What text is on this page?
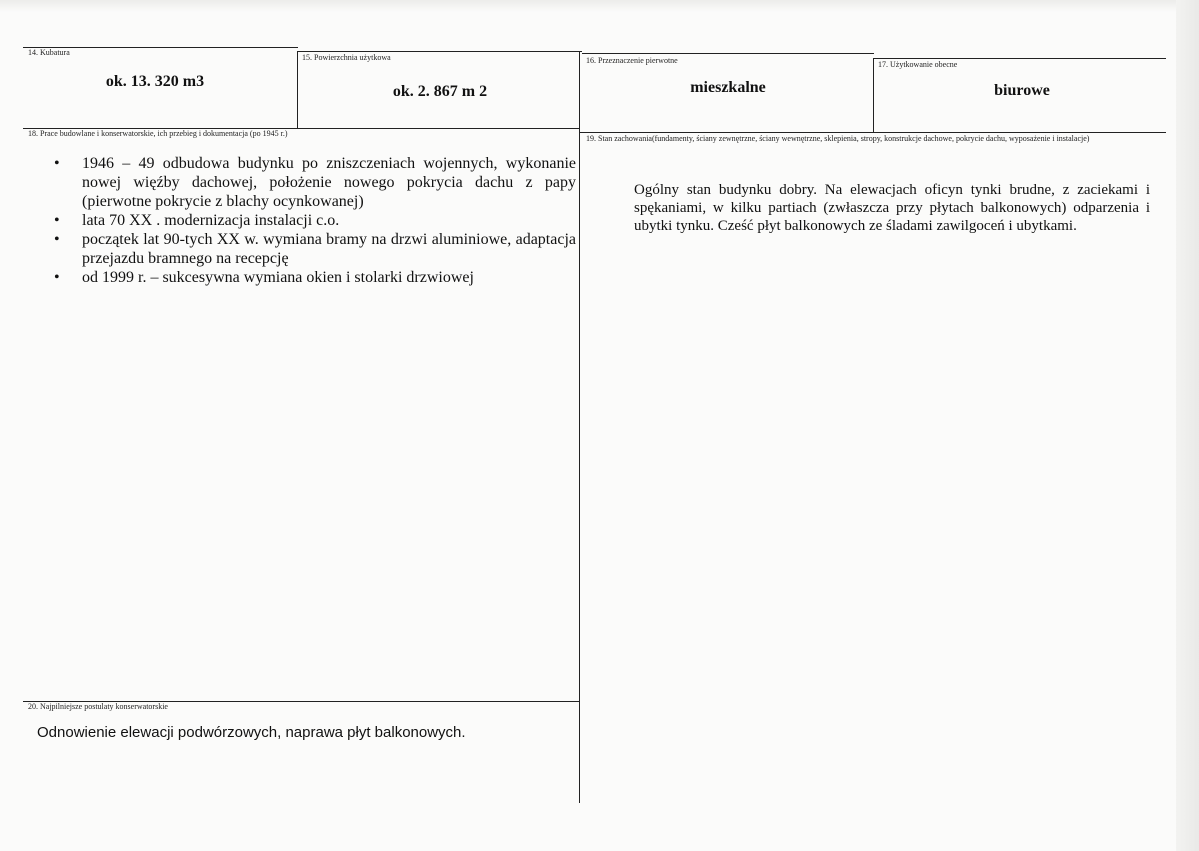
14. Kubatura
ok. 13. 320 m3
15. Powierzchnia użytkowa
ok. 2. 867 m 2
16. Przeznaczenie pierwotne
mieszkalne
17. Użytkowanie obecne
biurowe
18. Prace budowlane i konserwatorskie, ich przebieg i dokumentacja (po 1945 r.)
• 1946 – 49 odbudowa budynku po zniszczeniach wojennych, wykonanie nowej więźby dachowej, położenie nowego pokrycia dachu z papy (pierwotne pokrycie z blachy ocynkowanej)
• lata 70 XX . modernizacja instalacji c.o.
• początek lat 90-tych XX w. wymiana bramy na drzwi aluminiowe, adaptacja przejazdu bramnego na recepcję
• od 1999 r. – sukcesywna wymiana okien i stolarki drzwiowej
19. Stan zachowania(fundamenty, ściany zewnętrzne, ściany wewnętrzne, sklepienia, stropy, konstrukcje dachowe, pokrycie dachu, wyposażenie i instalacje)

Ogólny stan budynku dobry. Na elewacjach oficyn tynki brudne, z zaciekami i spękaniami, w kilku partiach (zwłaszcza przy płytach balkonowych) odparzenia i ubytki tynku. Cześć płyt balkonowych ze śladami zawilgoceń i ubytkami.

20. Najpilniejsze postulaty konserwatorskie

Odnowienie elewacji podwórzowych, naprawa płyt balkonowych.
